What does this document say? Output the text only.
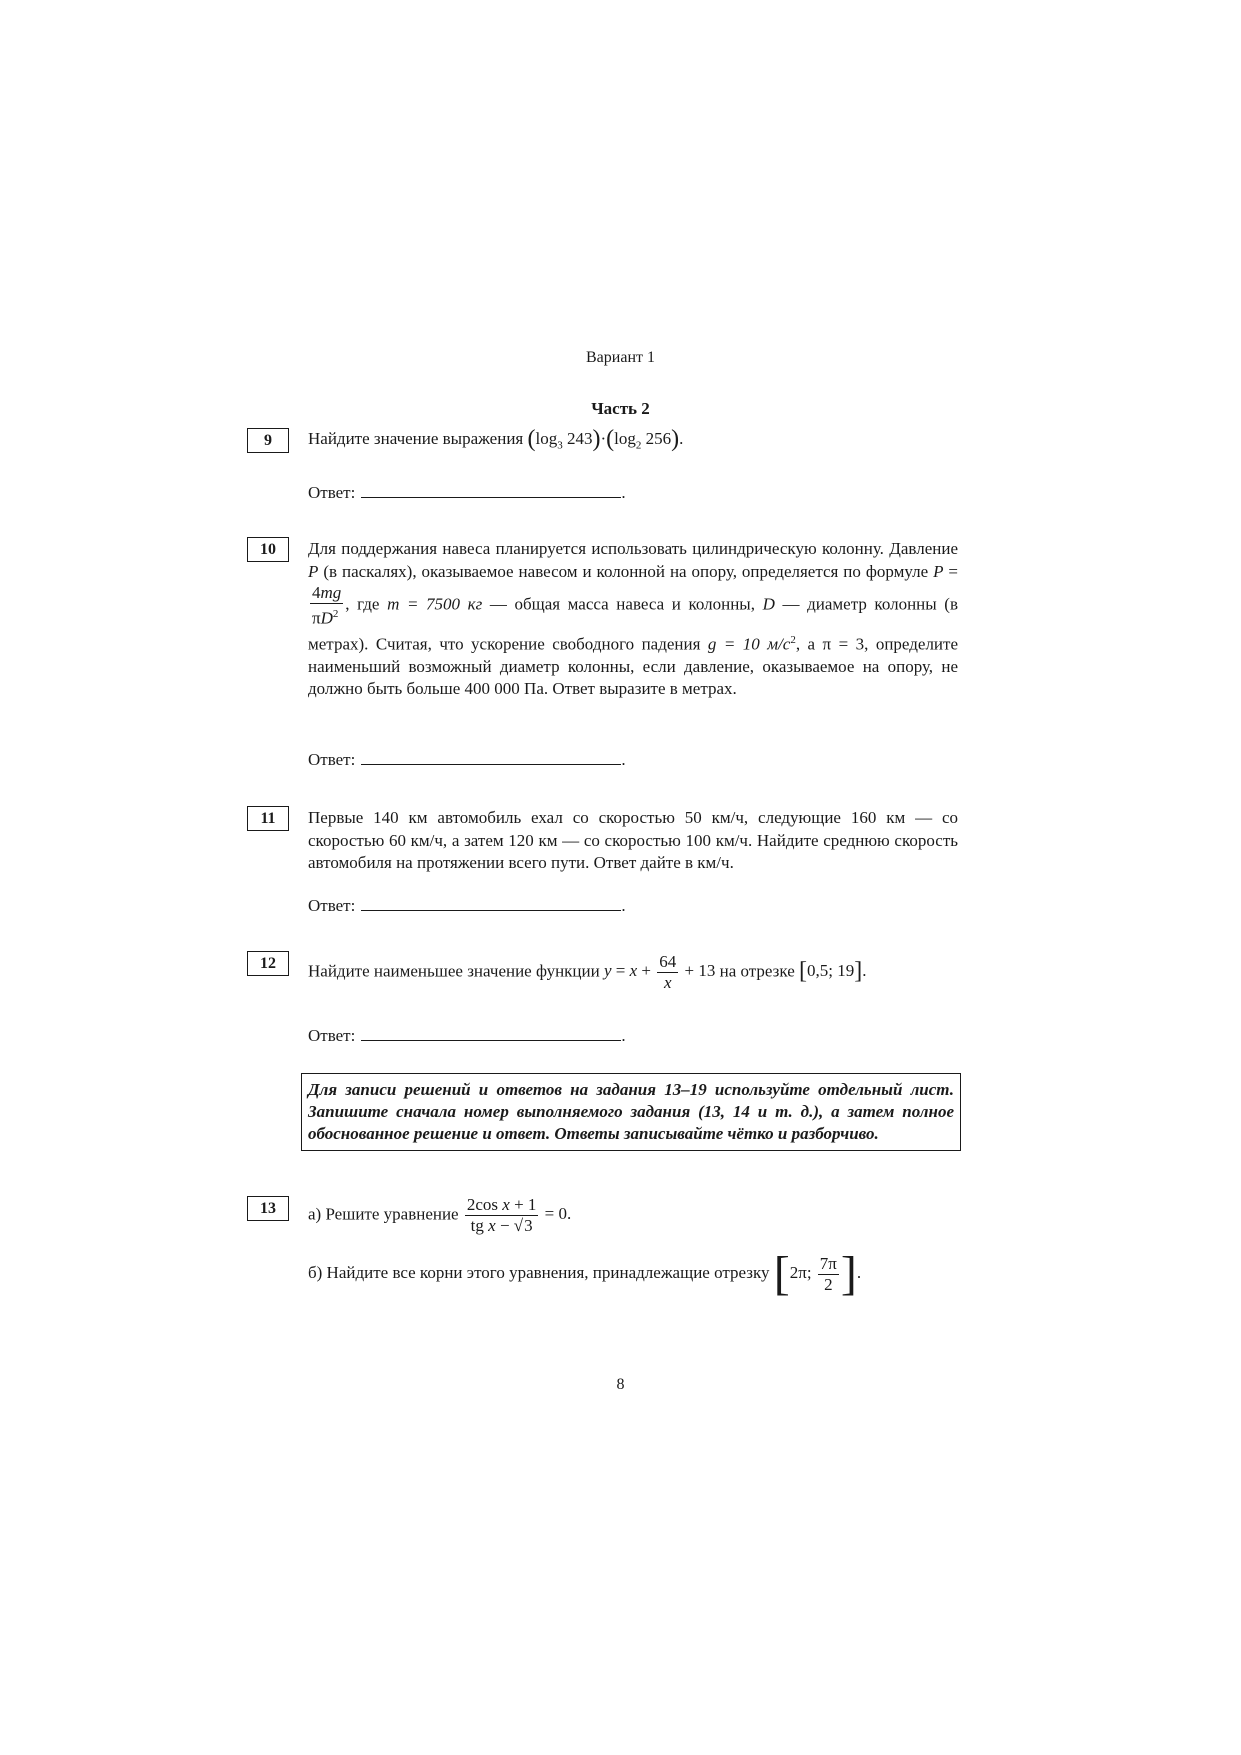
Вариант 1
Часть 2
9	Найдите значение выражения ($\log_3$ $243)\cdot(\log_2$ 256).
Ответ:	.
10	Для поддержания навеса планируется использовать цилиндрическую колонну. Давление P (в паскалях), оказываемое навесом и колонной на опору, определяется по формуле P =
$\frac{4mg}{\pi D^2}$ , где m = 7500 кг — общая масса навеса и колонны, D — диаметр колонны (в метрах). Считая, что ускорение свободного падения g = 10 $м/с^2$, а π = 3, определите наименьший возможный диаметр колонны, если давление, оказываемое на опору, не должно быть больше 400 000 Па. Ответ выразите в метрах.
Ответ:	.
11	Первые 140 км автомобиль ехал со скоростью 50 км/ч, следующие 160 км — со скоростью 60 км/ч, а затем 120 км — со скоростью 100 км/ч. Найдите среднюю скорость автомобиля на протяжении всего пути. Ответ дайте в км/ч.
Ответ:	.
12	Найдите наименьшее значение функции $y = x + \frac{64}{x} + 13$ на отрезке [0,5; 19].
Ответ:	.
Для записи решений и ответов на задания 13–19 используйте отдельный лист. Запишите сначала номер выполняемого задания (13, 14 и т. д.), а затем полное обоснованное решение и ответ. Ответы записывайте чётко и разборчиво.
13	а) Решите уравнение $\frac{\text{2cos x + 1}}{\text{tg x − √3}} = 0$.
б) Найдите все корни этого уравнения, принадлежащие отрезку [2π; $\frac{7\pi}{2}$ ].
8
